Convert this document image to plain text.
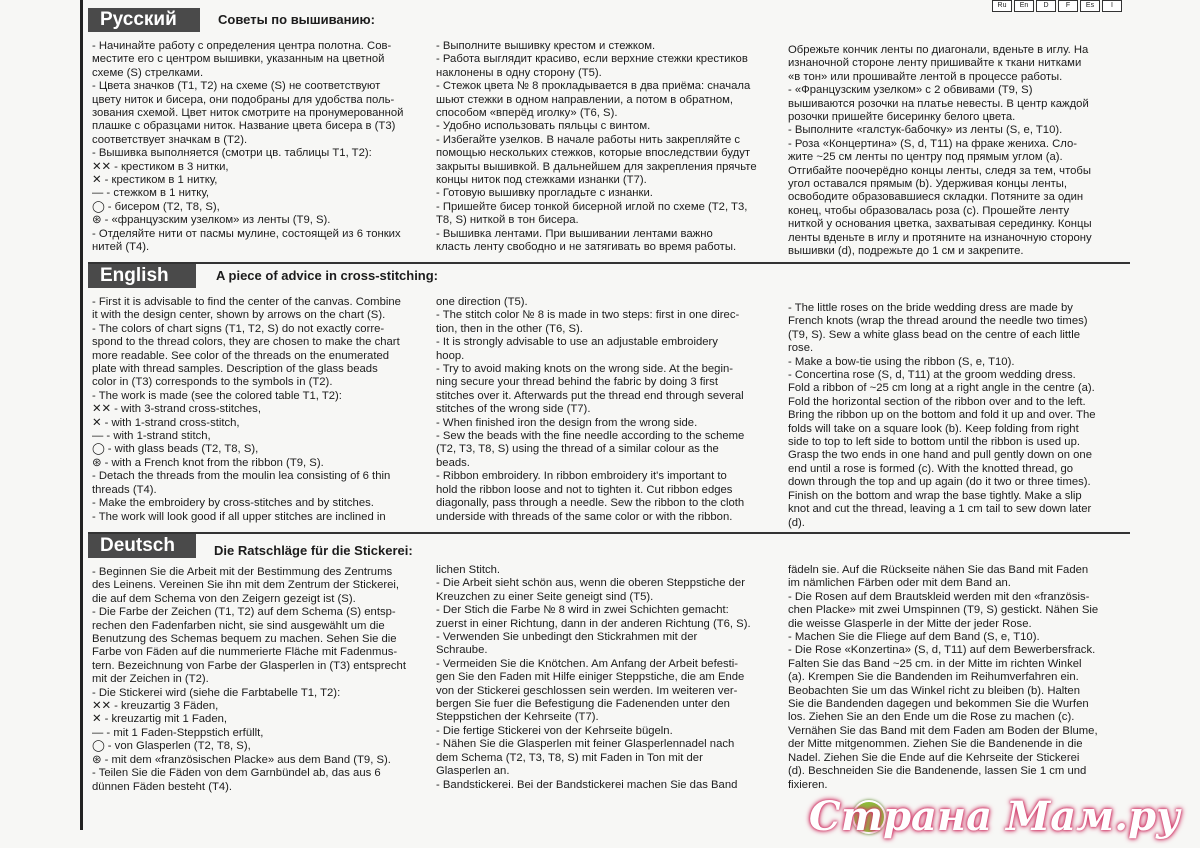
Ru	En	D	F	Es	I
Русский	Советы по вышиванию:

- Начинайте работу с определения центра полотна. Сов-

местите его с центром вышивки, указанным на цветной

схеме (S) стрелками.

- Цвета значков (T1, T2) на схеме (S) не соответствуют

цвету ниток и бисера, они подобраны для удобства поль-

зования схемой. Цвет ниток смотрите на пронумерованной

плашке с образцами ниток. Название цвета бисера в (T3)

соответствует значкам в (T2).

- Вышивка выполняется (смотри цв. таблицы T1, T2):

✕✕ - крестиком в 3 нитки,

✕ - крестиком в 1 нитку,

— - стежком в 1 нитку,

◯ - бисером (T2, T8, S),

⊛ - «французским узелком» из ленты (T9, S).

- Отделяйте нити от пасмы мулине, состоящей из 6 тонких

нитей (T4).

- Выполните вышивку крестом и стежком.

- Работа выглядит красиво, если верхние стежки крестиков

наклонены в одну сторону (T5).

- Стежок цвета № 8 прокладывается в два приёма: сначала

шьют стежки в одном направлении, а потом в обратном,

способом «вперёд иголку» (T6, S).

- Удобно использовать пяльцы с винтом.

- Избегайте узелков. В начале работы нить закрепляйте с

помощью нескольких стежков, которые впоследствии будут

закрыты вышивкой. В дальнейшем для закрепления прячьте

концы ниток под стежками изнанки (T7).

- Готовую вышивку прогладьте с изнанки.

- Пришейте бисер тонкой бисерной иглой по схеме (T2, T3,

T8, S) ниткой в тон бисера.

- Вышивка лентами. При вышивании лентами важно

класть ленту свободно и не затягивать во время работы.

Обрежьте кончик ленты по диагонали, вденьте в иглу. На

изнаночной стороне ленту пришивайте к ткани нитками

«в тон» или прошивайте лентой в процессе работы.

- «Французским узелком» с 2 обвивами (T9, S)

вышиваются розочки на платье невесты. В центр каждой

розочки пришейте бисеринку белого цвета.

- Выполните «галстук-бабочку» из ленты (S, e, T10).

- Роза «Концертина» (S, d, T11) на фраке жениха. Сло-

жите ~25 см ленты по центру под прямым углом (a).

Отгибайте поочерёдно концы ленты, следя за тем, чтобы

угол оставался прямым (b). Удерживая концы ленты,

освободите образовавшиеся складки. Потяните за один

конец, чтобы образовалась роза (c). Прошейте ленту

ниткой у основания цветка, захватывая серединку. Концы

ленты вденьте в иглу и протяните на изнаночную сторону

вышивки (d), подрежьте до 1 см и закрепите.

English	A piece of advice in cross-stitching:

- First it is advisable to find the center of the canvas. Combine

it with the design center, shown by arrows on the chart (S).

- The colors of chart signs (T1, T2, S) do not exactly corre-

spond to the thread colors, they are chosen to make the chart

more readable. See color of the threads on the enumerated

plate with thread samples. Description of the glass beads

color in (T3) corresponds to the symbols in (T2).

- The work is made (see the colored table T1, T2):

✕✕ - with 3-strand cross-stitches,

✕ - with 1-strand cross-stitch,

— - with 1-strand stitch,

◯ - with glass beads (T2, T8, S),

⊛ - with a French knot from the ribbon (T9, S).

- Detach the threads from the moulin lea consisting of 6 thin

threads (T4).

- Make the embroidery by cross-stitches and by stitches.

- The work will look good if all upper stitches are inclined in

one direction (T5).

- The stitch color № 8 is made in two steps: first in one direc-

tion, then in the other (T6, S).

- It is strongly advisable to use an adjustable embroidery

hoop.

- Try to avoid making knots on the wrong side. At the begin-

ning secure your thread behind the fabric by doing 3 first

stitches over it. Afterwards put the thread end through several

stitches of the wrong side (T7).

- When finished iron the design from the wrong side.

- Sew the beads with the fine needle according to the scheme

(T2, T3, T8, S) using the thread of a similar colour as the

beads.

- Ribbon embroidery. In ribbon embroidery it's important to

hold the ribbon loose and not to tighten it. Cut ribbon edges

diagonally, pass through a needle. Sew the ribbon to the cloth

underside with threads of the same color or with the ribbon.

- The little roses on the bride wedding dress are made by

French knots (wrap the thread around the needle two times)

(T9, S). Sew a white glass bead on the centre of each little

rose.

- Make a bow-tie using the ribbon (S, e, T10).

- Concertina rose (S, d, T11) at the groom wedding dress.

Fold a ribbon of ~25 cm long at a right angle in the centre (a).

Fold the horizontal section of the ribbon over and to the left.

Bring the ribbon up on the bottom and fold it up and over. The

folds will take on a square look (b). Keep folding from right

side to top to left side to bottom until the ribbon is used up.

Grasp the two ends in one hand and pull gently down on one

end until a rose is formed (c). With the knotted thread, go

down through the top and up again (do it two or three times).

Finish on the bottom and wrap the base tightly. Make a slip

knot and cut the thread, leaving a 1 cm tail to sew down later

(d).

Deutsch	Die Ratschläge für die Stickerei:

- Beginnen Sie die Arbeit mit der Bestimmung des Zentrums

des Leinens. Vereinen Sie ihn mit dem Zentrum der Stickerei,

die auf dem Schema von den Zeigern gezeigt ist (S).

- Die Farbe der Zeichen (T1, T2) auf dem Schema (S) entsp-

rechen den Fadenfarben nicht, sie sind ausgewählt um die

Benutzung des Schemas bequem zu machen. Sehen Sie die

Farbe von Fäden auf die nummerierte Fläche mit Fadenmus-

tern. Bezeichnung von Farbe der Glasperlen in (T3) entsprecht

mit der Zeichen in (T2).

- Die Stickerei wird (siehe die Farbtabelle T1, T2):

✕✕ - kreuzartig 3 Fäden,

✕ - kreuzartig mit 1 Faden,

— - mit 1 Faden-Steppstich erfüllt,

◯ - von Glasperlen (T2, T8, S),

⊛ - mit dem «französischen Placke» aus dem Band (T9, S).

- Teilen Sie die Fäden von dem Garnbündel ab, das aus 6

dünnen Fäden besteht (T4).

lichen Stitch.

- Die Arbeit sieht schön aus, wenn die oberen Steppstiche der

Kreuzchen zu einer Seite geneigt sind (T5).

- Der Stich die Farbe № 8 wird in zwei Schichten gemacht:

zuerst in einer Richtung, dann in der anderen Richtung (T6, S).

- Verwenden Sie unbedingt den Stickrahmen mit der

Schraube.

- Vermeiden Sie die Knötchen. Am Anfang der Arbeit befesti-

gen Sie den Faden mit Hilfe einiger Steppstiche, die am Ende

von der Stickerei geschlossen sein werden. Im weiteren ver-

bergen Sie fuer die Befestigung die Fadenenden unter den

Steppstichen der Kehrseite (T7).

- Die fertige Stickerei von der Kehrseite bügeln.

- Nähen Sie die Glasperlen mit feiner Glasperlennadel nach

dem Schema (T2, T3, T8, S) mit Faden in Ton mit der

Glasperlen an.

- Bandstickerei. Bei der Bandstickerei machen Sie das Band

fädeln sie. Auf die Rückseite nähen Sie das Band mit Faden

im nämlichen Färben oder mit dem Band an.

- Die Rosen auf dem Brautskleid werden mit den «französis-

chen Placke» mit zwei Umspinnen (T9, S) gestickt. Nähen Sie

die weisse Glasperle in der Mitte der jeder Rose.

- Machen Sie die Fliege auf dem Band (S, e, T10).

- Die Rose «Konzertina» (S, d, T11) auf dem Bewerbersfrack.

Falten Sie das Band ~25 cm. in der Mitte im richten Winkel

(a). Krempen Sie die Bandenden im Reihumverfahren ein.

Beobachten Sie um das Winkel richt zu bleiben (b). Halten

Sie die Bandenden dagegen und bekommen Sie die Wurfen

los. Ziehen Sie an den Ende um die Rose zu machen (c).

Vernähen Sie das Band mit dem Faden am Boden der Blume,

der Mitte mitgenommen. Ziehen Sie die Bandenende in die

Nadel. Ziehen Sie die Ende auf die Kehrseite der Stickerei

(d). Beschneiden Sie die Bandenende, lassen Sie 1 cm und

fixieren.

Страна Мам.ру
